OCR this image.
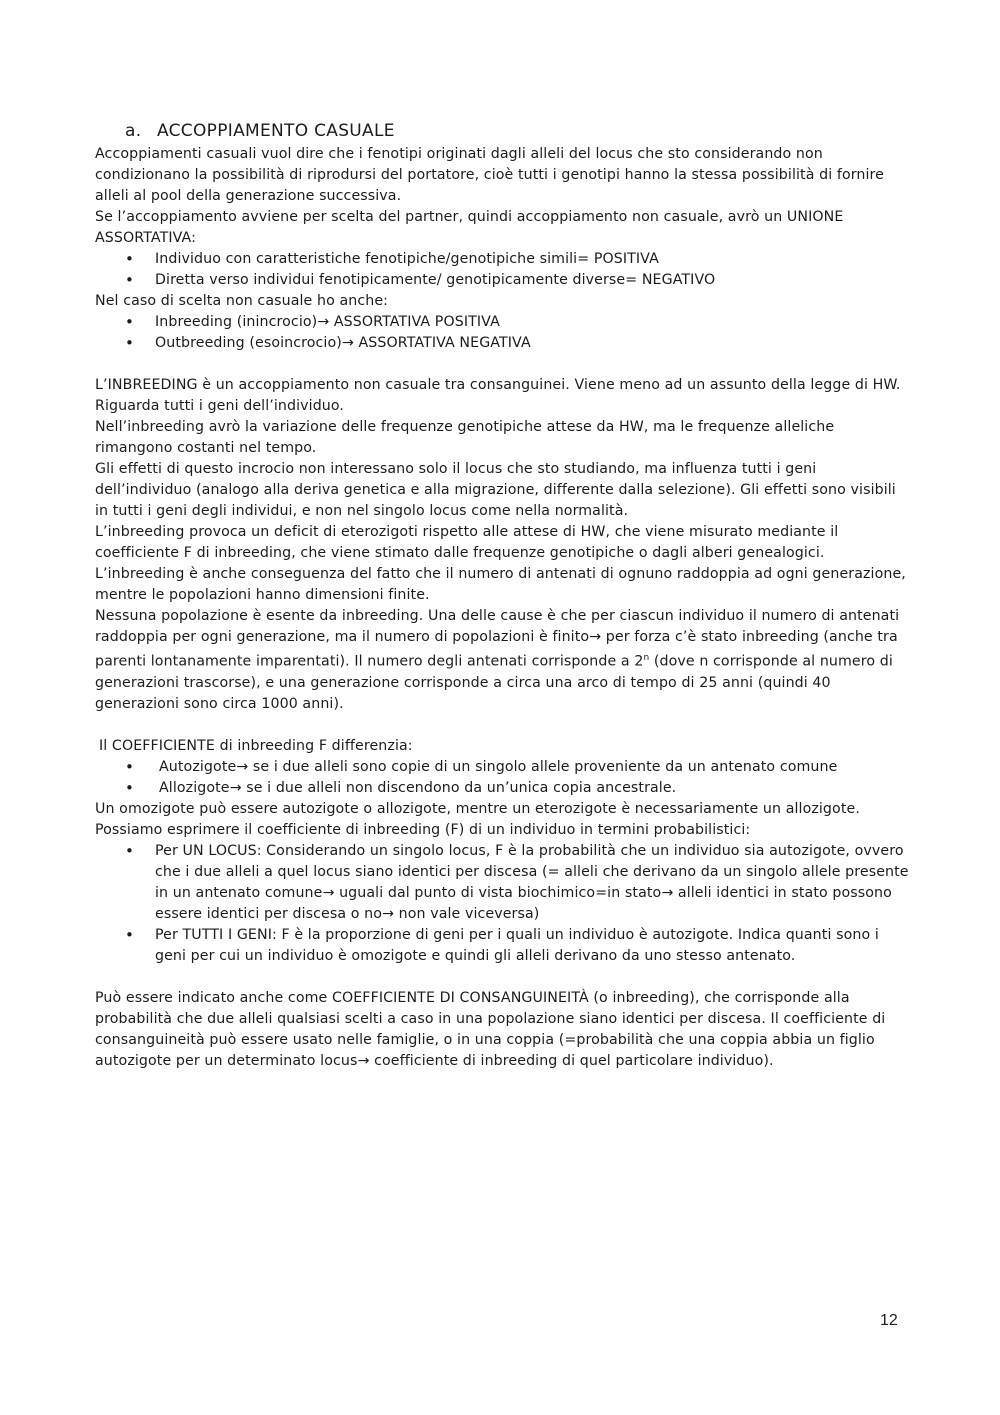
a. ACCOPPIAMENTO CASUALE

Accoppiamenti casuali vuol dire che i fenotipi originati dagli alleli del locus che sto considerando non condizionano la possibilità di riprodursi del portatore, cioè tutti i genotipi hanno la stessa possibilità di fornire alleli al pool della generazione successiva.

Se l’accoppiamento avviene per scelta del partner, quindi accoppiamento non casuale, avrò un UNIONE ASSORTATIVA:

• Individuo con caratteristiche fenotipiche/genotipiche simili= POSITIVA
• Diretta verso individui fenotipicamente/ genotipicamente diverse= NEGATIVO

Nel caso di scelta non casuale ho anche:

• Inbreeding (inincrocio)→ ASSORTATIVA POSITIVA
• Outbreeding (esoincrocio)→ ASSORTATIVA NEGATIVA

L’INBREEDING è un accoppiamento non casuale tra consanguinei. Viene meno ad un assunto della legge di HW. Riguarda tutti i geni dell’individuo.

Nell’inbreeding avrò la variazione delle frequenze genotipiche attese da HW, ma le frequenze alleliche rimangono costanti nel tempo.

Gli effetti di questo incrocio non interessano solo il locus che sto studiando, ma influenza tutti i geni dell’individuo (analogo alla deriva genetica e alla migrazione, differente dalla selezione). Gli effetti sono visibili in tutti i geni degli individui, e non nel singolo locus come nella normalità.

L’inbreeding provoca un deficit di eterozigoti rispetto alle attese di HW, che viene misurato mediante il coefficiente F di inbreeding, che viene stimato dalle frequenze genotipiche o dagli alberi genealogici. L’inbreeding è anche conseguenza del fatto che il numero di antenati di ognuno raddoppia ad ogni generazione, mentre le popolazioni hanno dimensioni finite.

Nessuna popolazione è esente da inbreeding. Una delle cause è che per ciascun individuo il numero di antenati raddoppia per ogni generazione, ma il numero di popolazioni è finito→ per forza c’è stato inbreeding (anche tra parenti lontanamente imparentati). Il numero degli antenati corrisponde a 2$^n$ (dove n corrisponde al numero di generazioni trascorse), e una generazione corrisponde a circa una arco di tempo di 25 anni (quindi 40 generazioni sono circa 1000 anni).

Il COEFFICIENTE di inbreeding F differenzia:

• Autozigote→ se i due alleli sono copie di un singolo allele proveniente da un antenato comune
• Allozigote→ se i due alleli non discendono da un’unica copia ancestrale.

Un omozigote può essere autozigote o allozigote, mentre un eterozigote è necessariamente un allozigote.

Possiamo esprimere il coefficiente di inbreeding (F) di un individuo in termini probabilistici:

• Per UN LOCUS: Considerando un singolo locus, F è la probabilità che un individuo sia autozigote, ovvero che i due alleli a quel locus siano identici per discesa (= alleli che derivano da un singolo allele presente in un antenato comune→ uguali dal punto di vista biochimico=in stato→ alleli identici in stato possono essere identici per discesa o no→ non vale viceversa)
• Per TUTTI I GENI: F è la proporzione di geni per i quali un individuo è autozigote. Indica quanti sono i geni per cui un individuo è omozigote e quindi gli alleli derivano da uno stesso antenato.

Può essere indicato anche come COEFFICIENTE DI CONSANGUINEITÀ (o inbreeding), che corrisponde alla probabilità che due alleli qualsiasi scelti a caso in una popolazione siano identici per discesa. Il coefficiente di consanguineità può essere usato nelle famiglie, o in una coppia (=probabilità che una coppia abbia un figlio autozigote per un determinato locus→ coefficiente di inbreeding di quel particolare individuo).

12
